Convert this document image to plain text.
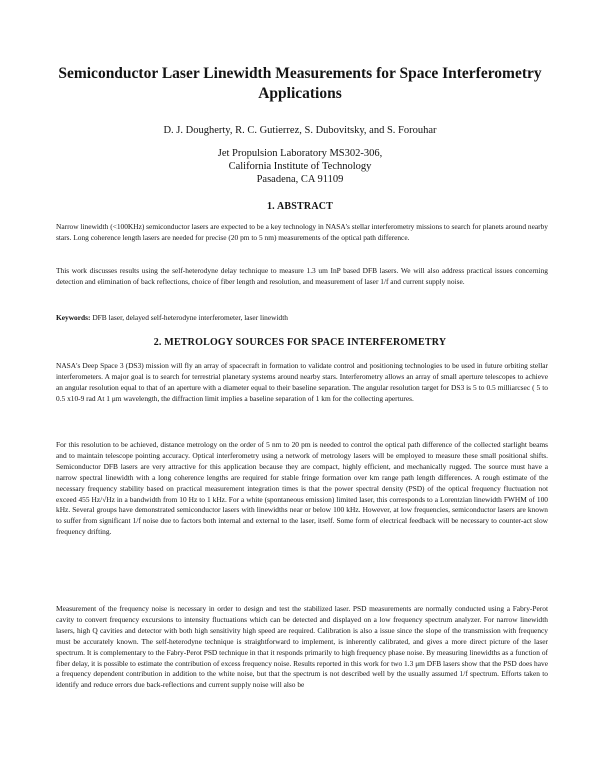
Semiconductor Laser Linewidth Measurements for Space Interferometry
Applications
D. J. Dougherty, R. C. Gutierrez, S. Dubovitsky, and S. Forouhar
Jet Propulsion Laboratory MS302-306,
California Institute of Technology
Pasadena, CA 91109
1. ABSTRACT

Narrow linewidth (<100KHz) semiconductor lasers are expected to be a key technology in NASA's stellar interferometry missions to search for planets around nearby stars. Long coherence length lasers are needed for precise (20 pm to 5 nm) measurements of the optical path difference.

This work discusses results using the self-heterodyne delay technique to measure 1.3 um InP based DFB lasers. We will also address practical issues concerning detection and elimination of back reflections, choice of fiber length and resolution, and measurement of laser 1/f and current supply noise.

Keywords: DFB laser, delayed self-heterodyne interferometer, laser linewidth

2. METROLOGY SOURCES FOR SPACE INTERFEROMETRY

NASA's Deep Space 3 (DS3) mission will fly an array of spacecraft in formation to validate control and positioning technologies to be used in future orbiting stellar interferometers. A major goal is to search for terrestrial planetary systems around nearby stars. Interferometry allows an array of small aperture telescopes to achieve an angular resolution equal to that of an aperture with a diameter equal to their baseline separation. The angular resolution target for DS3 is 5 to 0.5 milliarcsec ( 5 to 0.5 x10-9 rad At 1 μm wavelength, the diffraction limit implies a baseline separation of 1 km for the collecting apertures.

For this resolution to be achieved, distance metrology on the order of 5 nm to 20 pm is needed to control the optical path difference of the collected starlight beams and to maintain telescope pointing accuracy. Optical interferometry using a network of metrology lasers will be employed to measure these small positional shifts. Semiconductor DFB lasers are very attractive for this application because they are compact, highly efficient, and mechanically rugged. The source must have a narrow spectral linewidth with a long coherence lengths are required for stable fringe formation over km range path length differences. A rough estimate of the necessary frequency stability based on practical measurement integration times is that the power spectral density (PSD) of the optical frequency fluctuation not exceed 455 Hz/√Hz in a bandwidth from 10 Hz to 1 kHz. For a white (spontaneous emission) limited laser, this corresponds to a Lorentzian linewidth FWHM of 100 kHz. Several groups have demonstrated semiconductor lasers with linewidths near or below 100 kHz. However, at low frequencies, semiconductor lasers are known to suffer from significant 1/f noise due to factors both internal and external to the laser, itself. Some form of electrical feedback will be necessary to counter-act slow frequency drifting.

Measurement of the frequency noise is necessary in order to design and test the stabilized laser. PSD measurements are normally conducted using a Fabry-Perot cavity to convert frequency excursions to intensity fluctuations which can be detected and displayed on a low frequency spectrum analyzer. For narrow linewidth lasers, high Q cavities and detector with both high sensitivity high speed are required. Calibration is also a issue since the slope of the transmission with frequency must be accurately known. The self-heterodyne technique is straightforward to implement, is inherently calibrated, and gives a more direct picture of the laser spectrum. It is complementary to the Fabry-Perot PSD technique in that it responds primarily to high frequency phase noise. By measuring linewidths as a function of fiber delay, it is possible to estimate the contribution of excess frequency noise. Results reported in this work for two 1.3 μm DFB lasers show that the PSD does have a frequency dependent contribution in addition to the white noise, but that the spectrum is not described well by the usually assumed 1/f spectrum. Efforts taken to identify and reduce errors due back-reflections and current supply noise will also be
